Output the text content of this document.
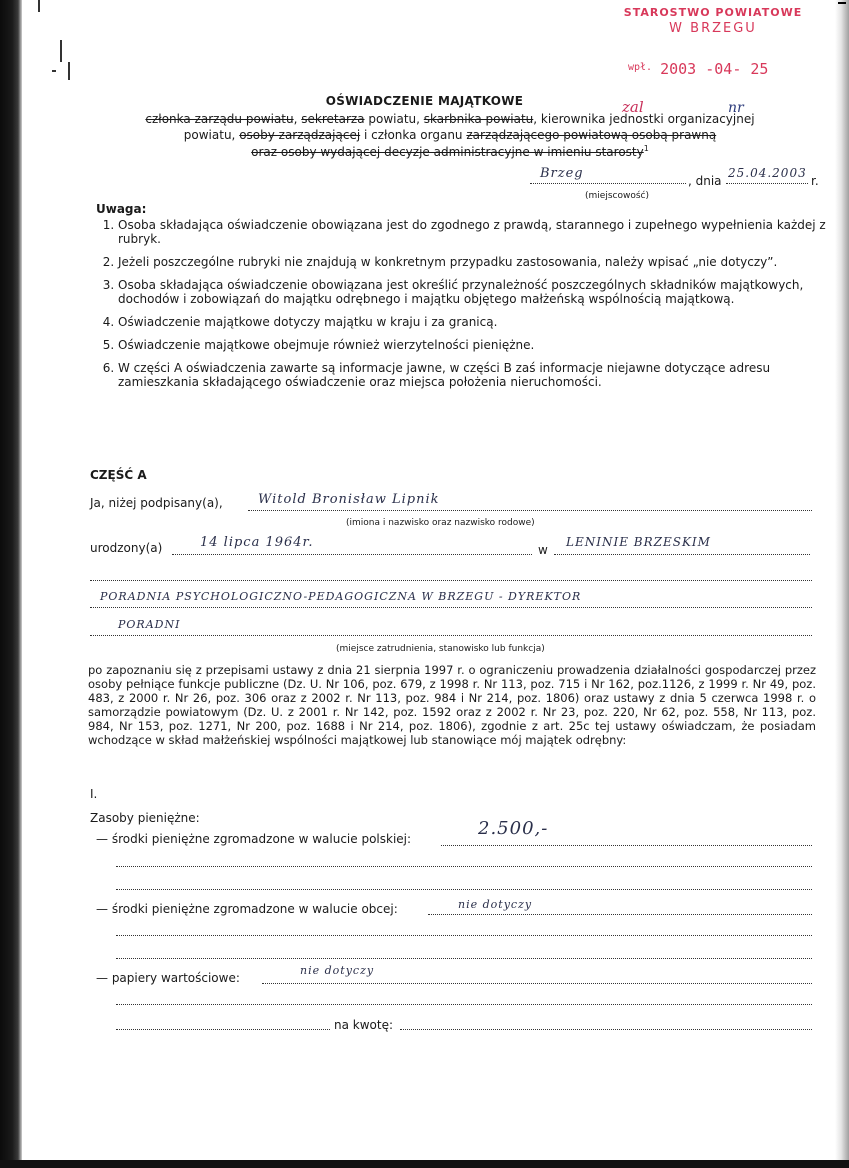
STAROSTWO POWIATOWE
W BRZEGU
$^{wpł.}$ 2003 -04- 25
zal	nr
OŚWIADCZENIE MAJĄTKOWE
członka zarządu powiatu, sekretarza powiatu, skarbnika powiatu, kierownika jednostki organizacyjnej
powiatu, osoby zarządzającej i członka organu zarządzającego powiatową osobą prawną
oraz osoby wydającej decyzje administracyjne w imieniu starosty$^1$
Brzeg	, dnia
25.04.2003
r.
(miejscowość)
Uwaga:
1. Osoba składająca oświadczenie obowiązana jest do zgodnego z prawdą, starannego i zupełnego wypełnienia każdej z rubryk.
2. Jeżeli poszczególne rubryki nie znajdują w konkretnym przypadku zastosowania, należy wpisać „nie dotyczy”.
3. Osoba składająca oświadczenie obowiązana jest określić przynależność poszczególnych składników majątkowych, dochodów i zobowiązań do majątku odrębnego i majątku objętego małżeńską wspólnością majątkową.
4. Oświadczenie majątkowe dotyczy majątku w kraju i za granicą.
5. Oświadczenie majątkowe obejmuje również wierzytelności pieniężne.
6. W części A oświadczenia zawarte są informacje jawne, w części B zaś informacje niejawne dotyczące adresu zamieszkania składającego oświadczenie oraz miejsca położenia nieruchomości.
CZĘŚĆ A
Ja, niżej podpisany(a),	Witold Bronisław Lipnik
(imiona i nazwisko oraz nazwisko rodowe)
urodzony(a)	14 lipca 1964r.	w
LENINIE BRZESKIM
PORADNIA PSYCHOLOGICZNO-PEDAGOGICZNA W BRZEGU - DYREKTOR
PORADNI
(miejsce zatrudnienia, stanowisko lub funkcja)
po zapoznaniu się z przepisami ustawy z dnia 21 sierpnia 1997 r. o ograniczeniu prowadzenia działalności gospodarczej przez osoby pełniące funkcje publiczne (Dz. U. Nr 106, poz. 679, z 1998 r. Nr 113, poz. 715 i Nr 162, poz.1126, z 1999 r. Nr 49, poz. 483, z 2000 r. Nr 26, poz. 306 oraz z 2002 r. Nr 113, poz. 984 i Nr 214, poz. 1806) oraz ustawy z dnia 5 czerwca 1998 r. o samorządzie powiatowym (Dz. U. z 2001 r. Nr 142, poz. 1592 oraz z 2002 r. Nr 23, poz. 220, Nr 62, poz. 558, Nr 113, poz. 984, Nr 153, poz. 1271, Nr 200, poz. 1688 i Nr 214, poz. 1806), zgodnie z art. 25c tej ustawy oświadczam, że posiadam wchodzące w skład małżeńskiej wspólności majątkowej lub stanowiące mój majątek odrębny:
I.
Zasoby pieniężne:
— środki pieniężne zgromadzone w walucie polskiej:	2.500,-
— środki pieniężne zgromadzone w walucie obcej:	nie dotyczy
— papiery wartościowe:
nie dotyczy
na kwotę:
